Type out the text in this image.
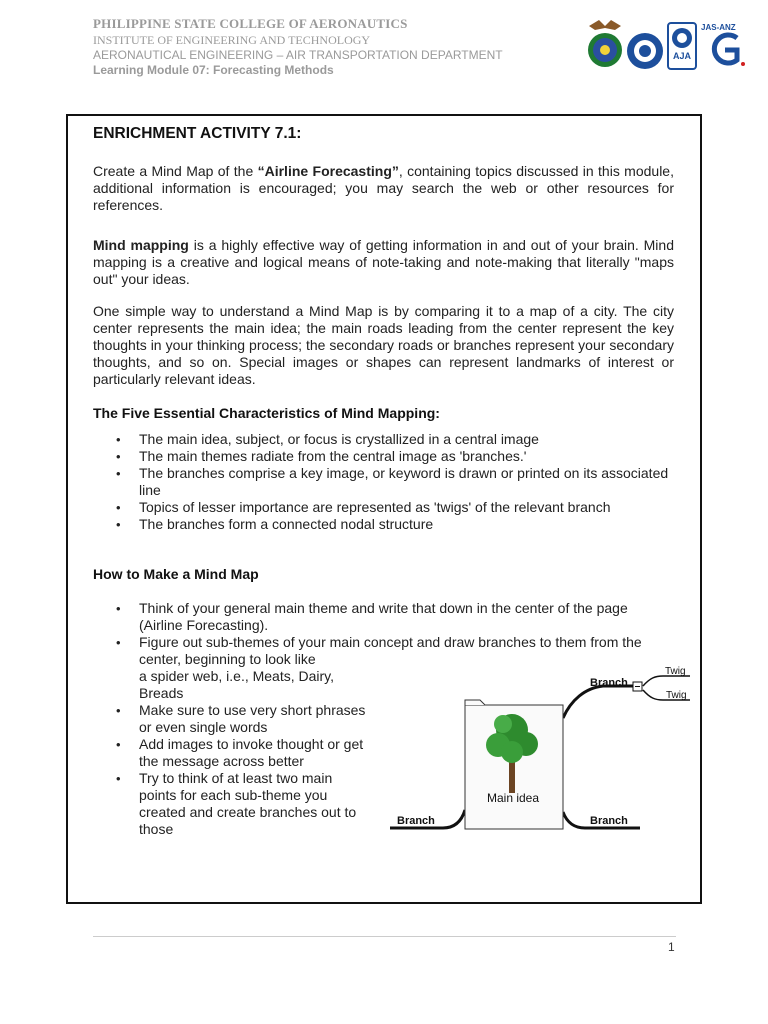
PHILIPPINE STATE COLLEGE OF AERONAUTICS
INSTITUTE OF ENGINEERING AND TECHNOLOGY
AERONAUTICAL ENGINEERING – AIR TRANSPORTATION DEPARTMENT
Learning Module 07: Forecasting Methods
AJA
JAS-ANZ
ENRICHMENT ACTIVITY 7.1:

Create a Mind Map of the “Airline Forecasting”, containing topics discussed in this module, additional information is encouraged; you may search the web or other resources for references.

Mind mapping is a highly effective way of getting information in and out of your brain. Mind mapping is a creative and logical means of note-taking and note-making that literally "maps out" your ideas.

One simple way to understand a Mind Map is by comparing it to a map of a city. The city center represents the main idea; the main roads leading from the center represent the key thoughts in your thinking process; the secondary roads or branches represent your secondary thoughts, and so on. Special images or shapes can represent landmarks of interest or particularly relevant ideas.

The Five Essential Characteristics of Mind Mapping:
• The main idea, subject, or focus is crystallized in a central image
• The main themes radiate from the central image as 'branches.'
• The branches comprise a key image, or keyword is drawn or printed on its associated line
• Topics of lesser importance are represented as 'twigs' of the relevant branch
• The branches form a connected nodal structure
How to Make a Mind Map
• Think of your general main theme and write that down in the center of the page (Airline Forecasting).
• Figure out sub-themes of your main concept and draw branches to them from the center, beginning to look like
a spider web, i.e., Meats, Dairy, Breads
• Make sure to use very short phrases or even single words
• Add images to invoke thought or get the message across better
• Try to think of at least two main points for each sub-theme you created and create branches out to those
Main idea
Branch
Twig
Twig
Branch	Branch
1
